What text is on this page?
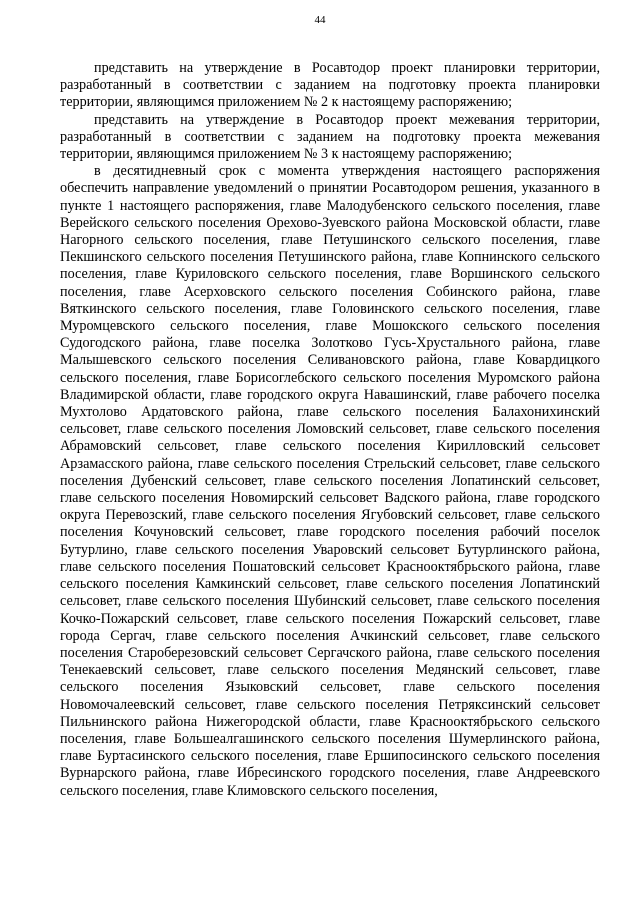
44

представить на утверждение в Росавтодор проект планировки территории, разработанный в соответствии с заданием на подготовку проекта планировки территории, являющимся приложением № 2 к настоящему распоряжению;

представить на утверждение в Росавтодор проект межевания территории, разработанный в соответствии с заданием на подготовку проекта межевания территории, являющимся приложением № 3 к настоящему распоряжению;

в десятидневный срок с момента утверждения настоящего распоряжения обеспечить направление уведомлений о принятии Росавтодором решения, указанного в пункте 1 настоящего распоряжения, главе Малодубенского сельского поселения, главе Верейского сельского поселения Орехово-Зуевского района Московской области, главе Нагорного сельского поселения, главе Петушинского сельского поселения, главе Пекшинского сельского поселения Петушинского района, главе Копнинского сельского поселения, главе Куриловского сельского поселения, главе Воршинского сельского поселения, главе Асерховского сельского поселения Собинского района, главе Вяткинского сельского поселения, главе Головинского сельского поселения, главе Муромцевского сельского поселения, главе Мошокского сельского поселения Судогодского района, главе поселка Золотково Гусь-Хрустального района, главе Малышевского сельского поселения Селивановского района, главе Ковардицкого сельского поселения, главе Борисоглебского сельского поселения Муромского района Владимирской области, главе городского округа Навашинский, главе рабочего поселка Мухтолово Ардатовского района, главе сельского поселения Балахонихинский сельсовет, главе сельского поселения Ломовский сельсовет, главе сельского поселения Абрамовский сельсовет, главе сельского поселения Кирилловский сельсовет Арзамасского района, главе сельского поселения Стрельский сельсовет, главе сельского поселения Дубенский сельсовет, главе сельского поселения Лопатинский сельсовет, главе сельского поселения Новомирский сельсовет Вадского района, главе городского округа Перевозский, главе сельского поселения Ягубовский сельсовет, главе сельского поселения Кочуновский сельсовет, главе городского поселения рабочий поселок Бутурлино, главе сельского поселения Уваровский сельсовет Бутурлинского района, главе сельского поселения Пошатовский сельсовет Краснооктябрьского района, главе сельского поселения Камкинский сельсовет, главе сельского поселения Лопатинский сельсовет, главе сельского поселения Шубинский сельсовет, главе сельского поселения Кочко-Пожарский сельсовет, главе сельского поселения Пожарский сельсовет, главе города Сергач, главе сельского поселения Ачкинский сельсовет, главе сельского поселения Староберезовский сельсовет Сергачского района, главе сельского поселения Тенекаевский сельсовет, главе сельского поселения Медянский сельсовет, главе сельского поселения Языковский сельсовет, главе сельского поселения Новомочалеевский сельсовет, главе сельского поселения Петряксинский сельсовет Пильнинского района Нижегородской области, главе Краснооктябрьского сельского поселения, главе Большеалгашинского сельского поселения Шумерлинского района, главе Буртасинского сельского поселения, главе Ершипосинского сельского поселения Вурнарского района, главе Ибресинского городского поселения, главе Андреевского сельского поселения, главе Климовского сельского поселения,
